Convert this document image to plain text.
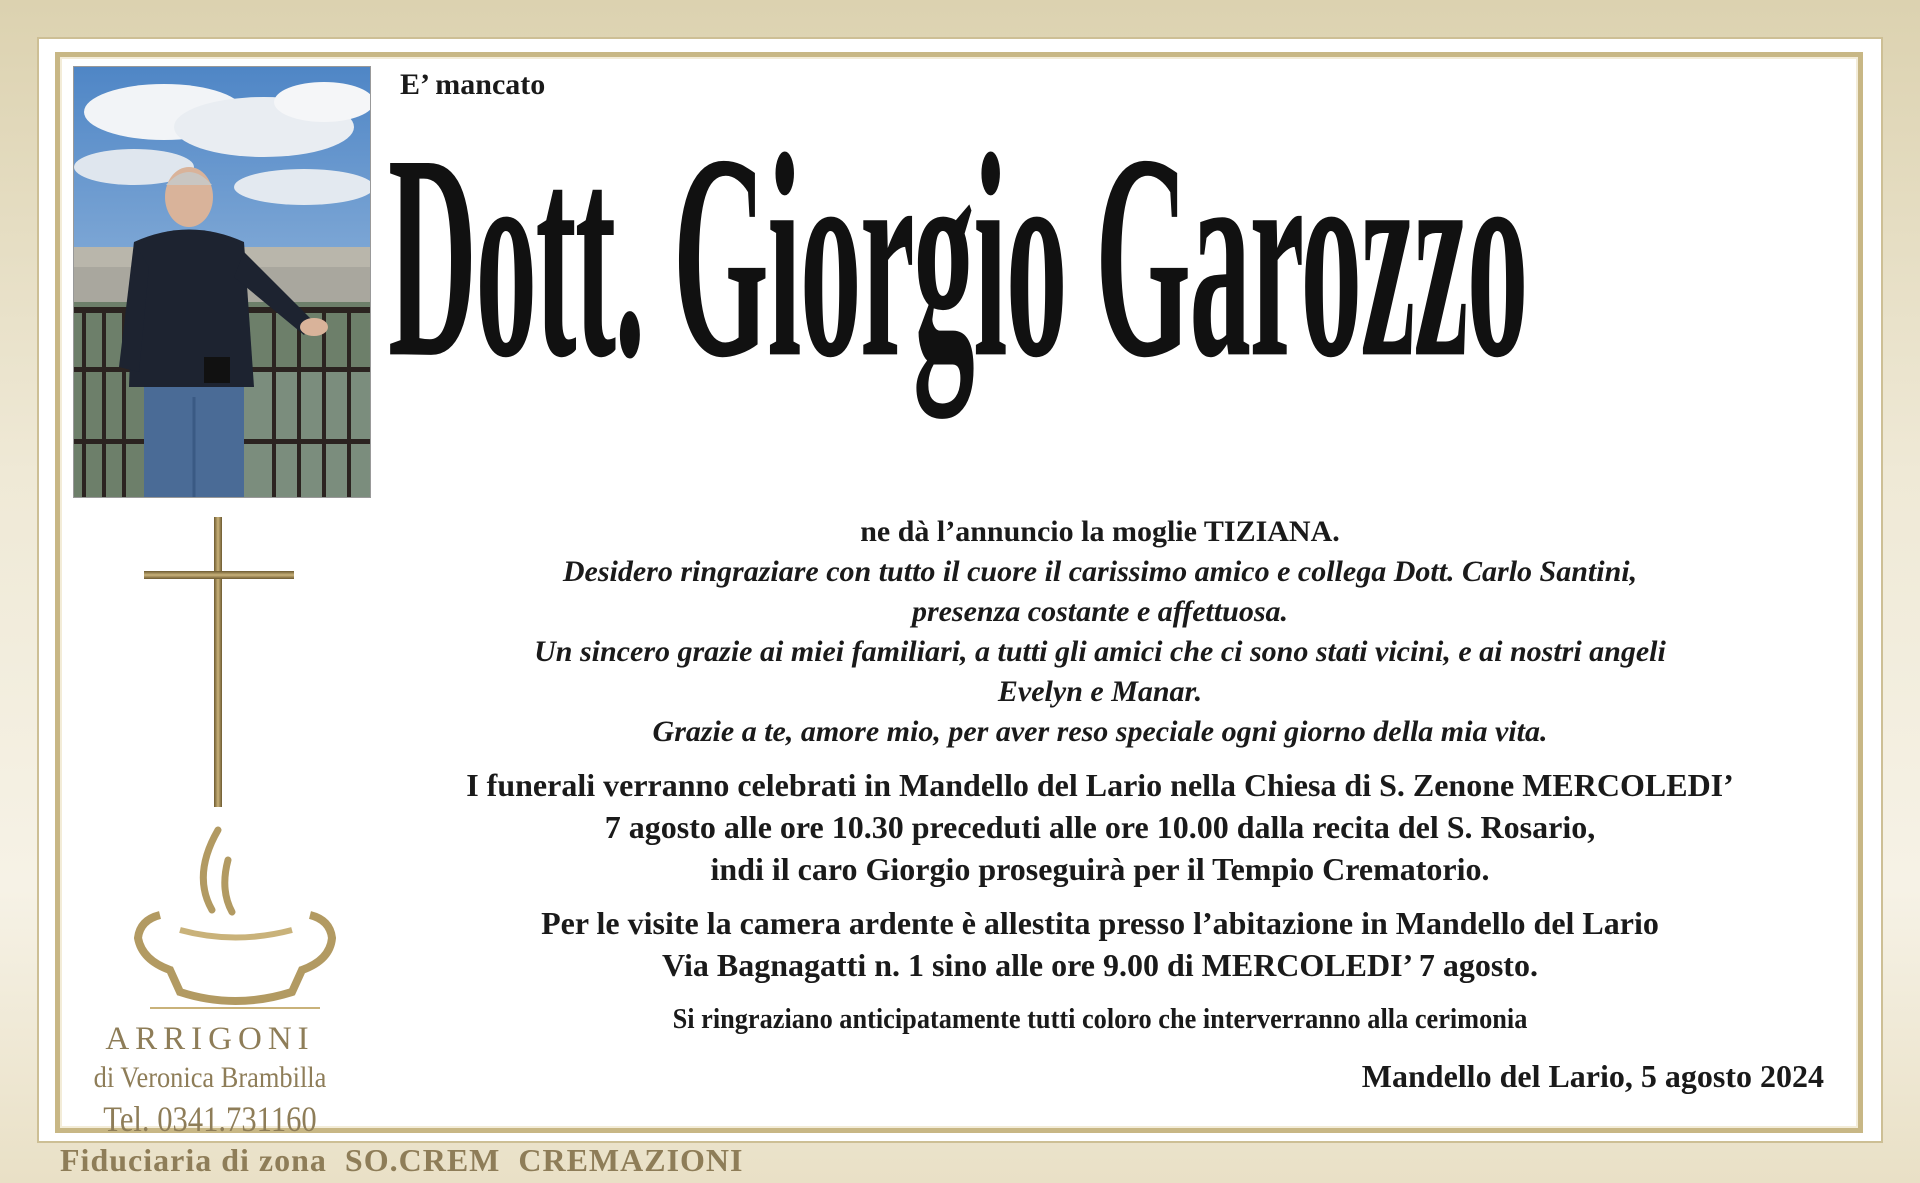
E’ mancato
Dott. Giorgio Garozzo

ne dà l’annuncio la moglie TIZIANA.

Desidero ringraziare con tutto il cuore il carissimo amico e collega Dott. Carlo Santini,

presenza costante e affettuosa.

Un sincero grazie ai miei familiari, a tutti gli amici che ci sono stati vicini, e ai nostri angeli

Evelyn e Manar.

Grazie a te, amore mio, per aver reso speciale ogni giorno della mia vita.

I funerali verranno celebrati in Mandello del Lario nella Chiesa di S. Zenone MERCOLEDI’

7 agosto alle ore 10.30 preceduti alle ore 10.00 dalla recita del S. Rosario,

indi il caro Giorgio proseguirà per il Tempio Crematorio.

Per le visite la camera ardente è allestita presso l’abitazione in Mandello del Lario

Via Bagnagatti n. 1 sino alle ore 9.00 di MERCOLEDI’ 7 agosto.

Si ringraziano anticipatamente tutti coloro che interverranno alla cerimonia
Mandello del Lario, 5 agosto 2024
ARRIGONI
di Veronica Brambilla
Tel. 0341.731160
Fiduciaria di zona SO.CREM CREMAZIONI
